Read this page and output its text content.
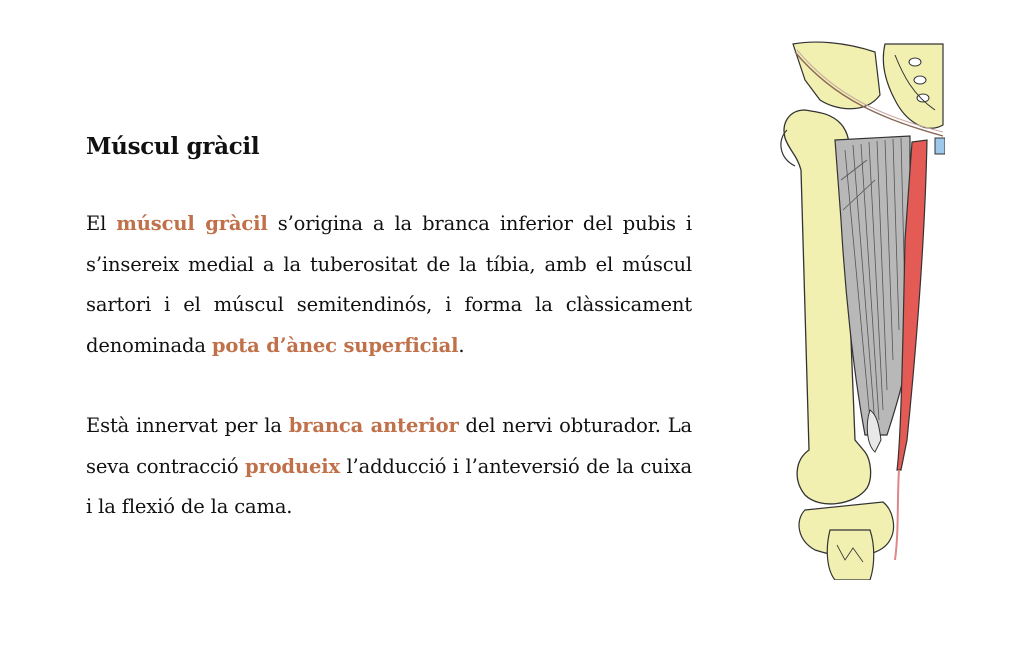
Múscul gràcil

El múscul gràcil s’origina a la branca inferior del pubis i s’insereix medial a la tuberositat de la tíbia, amb el múscul sartori i el múscul semitendinós, i forma la clàssicament denominada pota d’ànec superficial.

Està innervat per la branca anterior del nervi obturador. La seva contracció produeix l’adducció i l’anteversió de la cuixa i la flexió de la cama.
